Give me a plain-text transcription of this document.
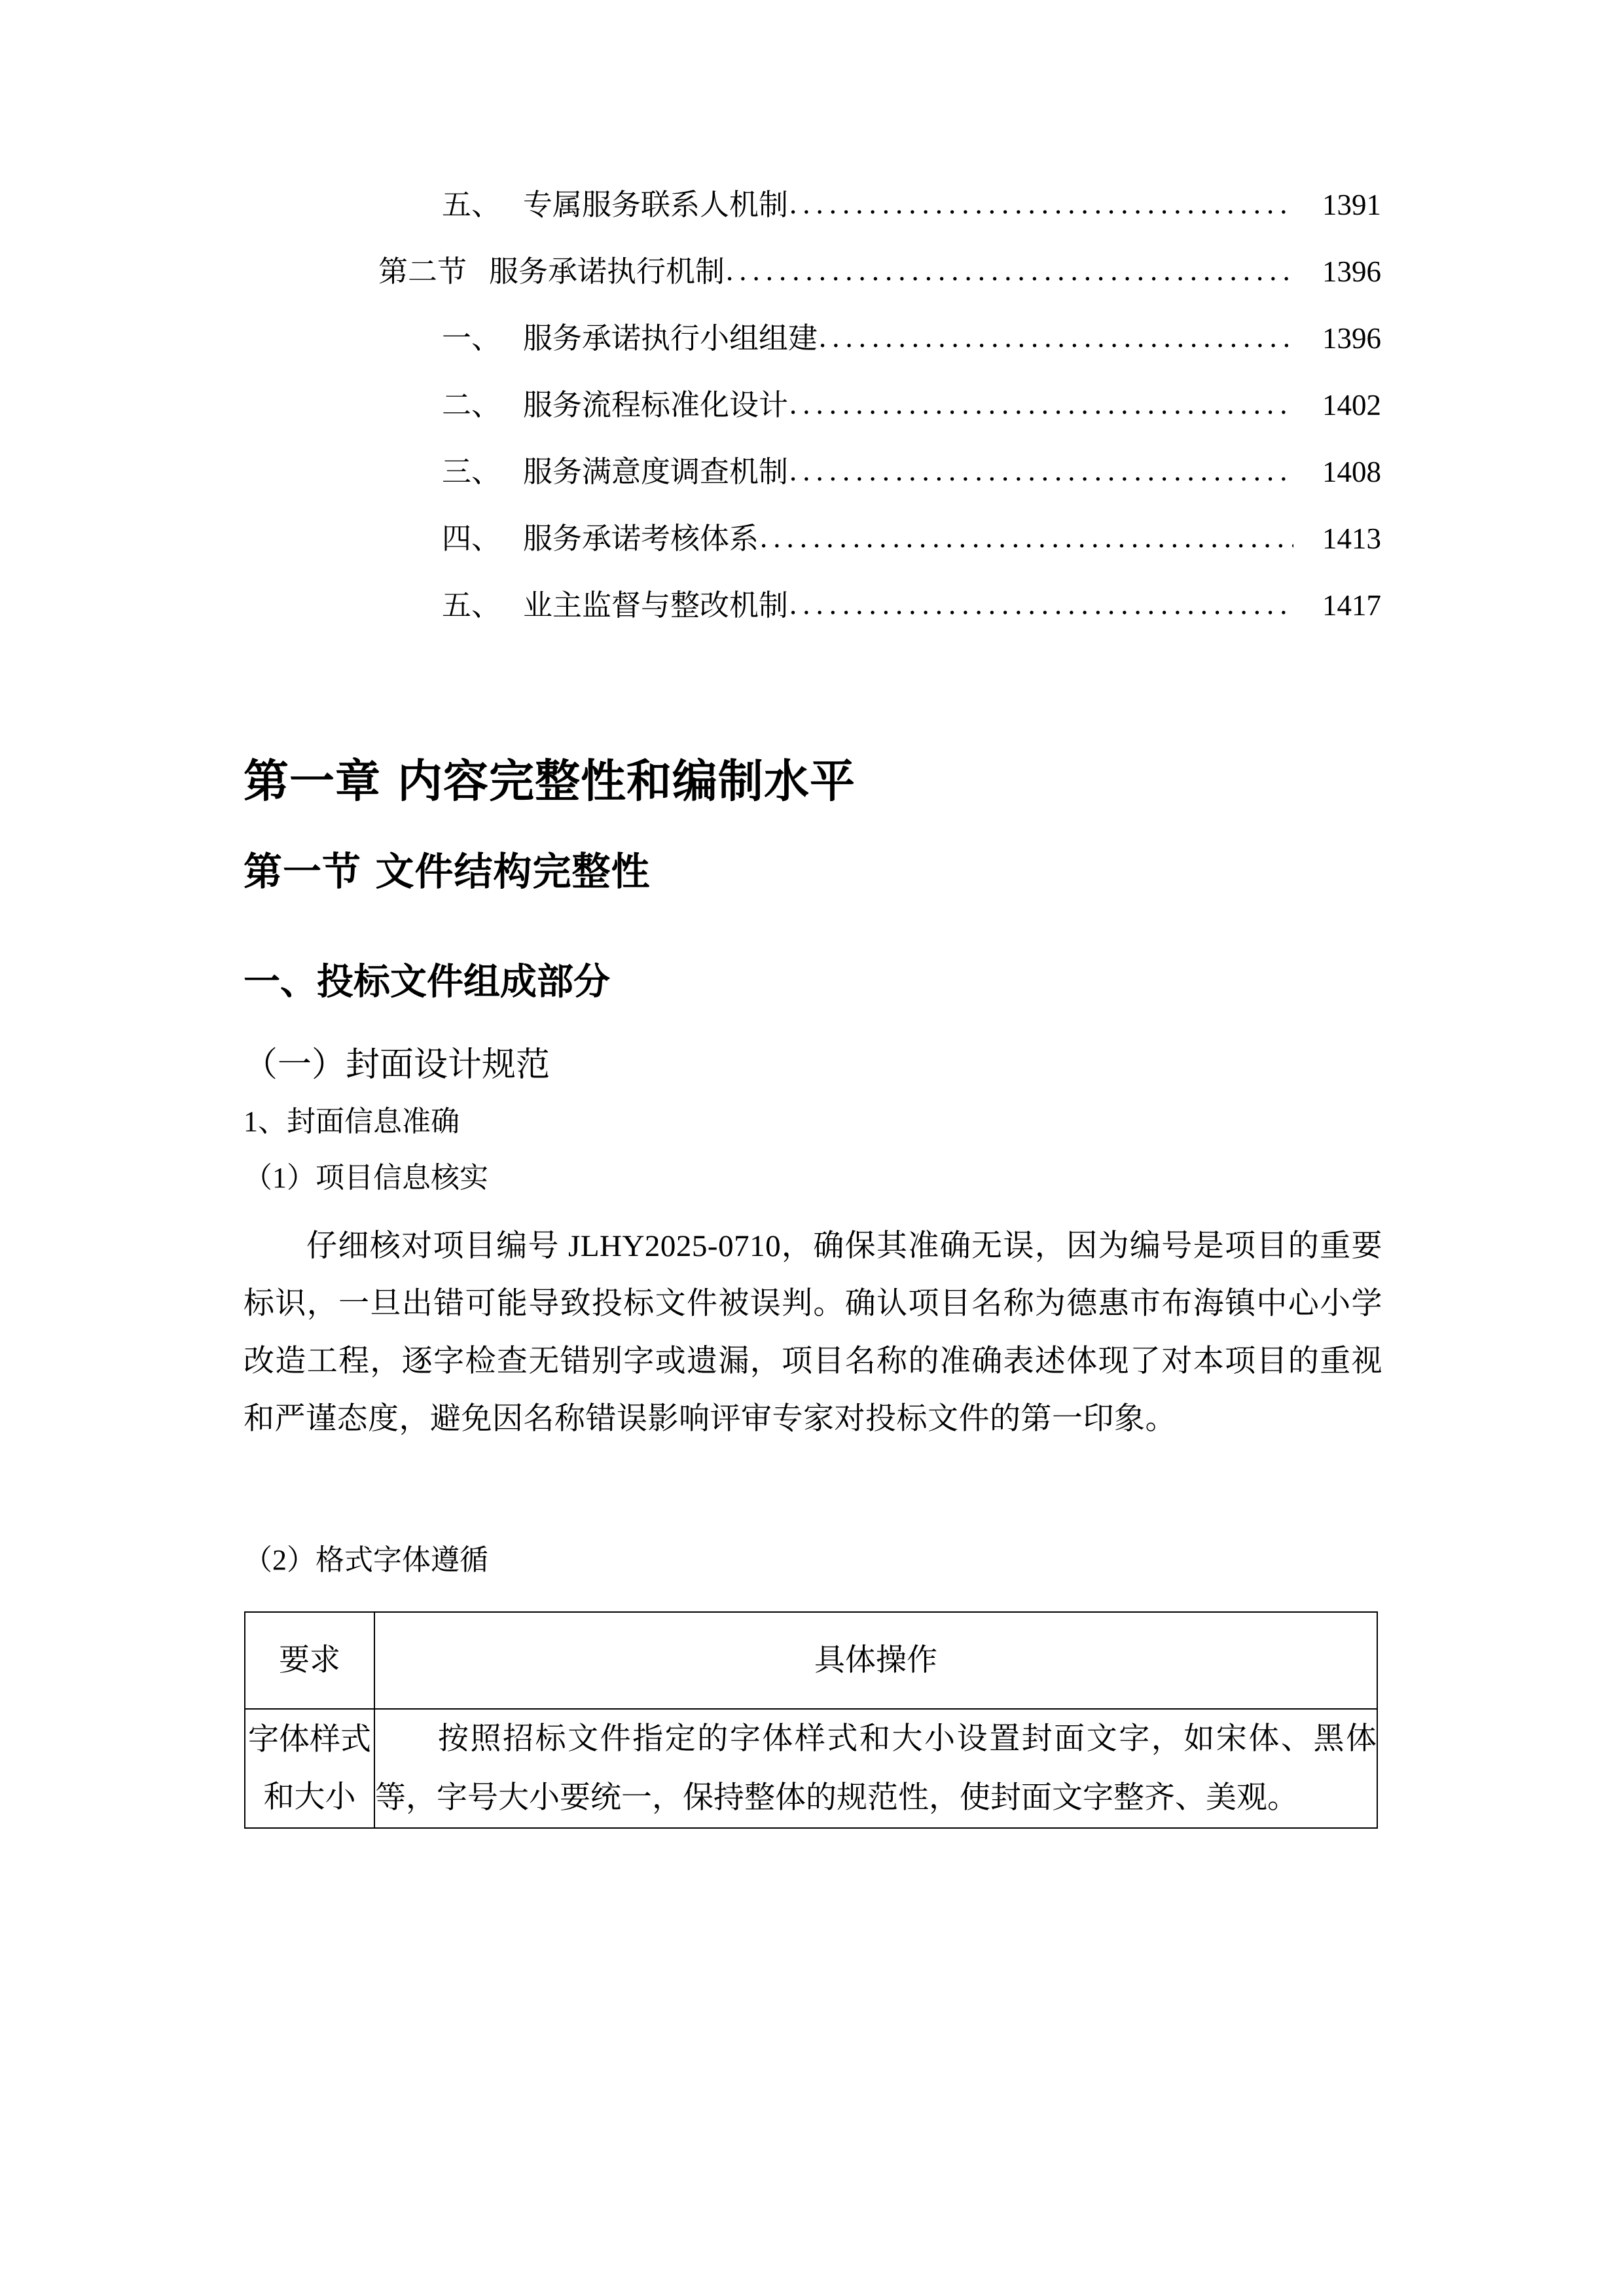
五、 专属服务联系人机制 .....	1391
第二节 服务承诺执行机制 .....	1396
一、 服务承诺执行小组组建 .....	1396
二、 服务流程标准化设计 .....	1402
三、 服务满意度调查机制 .....	1408
四、 服务承诺考核体系 .....	1413
五、 业主监督与整改机制 .....	1417
第一章 内容完整性和编制水平
第一节 文件结构完整性
一、投标文件组成部分
（一）封面设计规范
1、封面信息准确
（1）项目信息核实
仔细核对项目编号 JLHY2025-0710，确保其准确无误，因为编号是项目的重要标识，一旦出错可能导致投标文件被误判。确认项目名称为德惠市布海镇中心小学改造工程，逐字检查无错别字或遗漏，项目名称的准确表述体现了对本项目的重视和严谨态度，避免因名称错误影响评审专家对投标文件的第一印象。
（2）格式字体遵循
要求	具体操作
字体样式和大小	按照招标文件指定的字体样式和大小设置封面文字，如宋体、黑体等，字号大小要统一，保持整体的规范性，使封面文字整齐、美观。
